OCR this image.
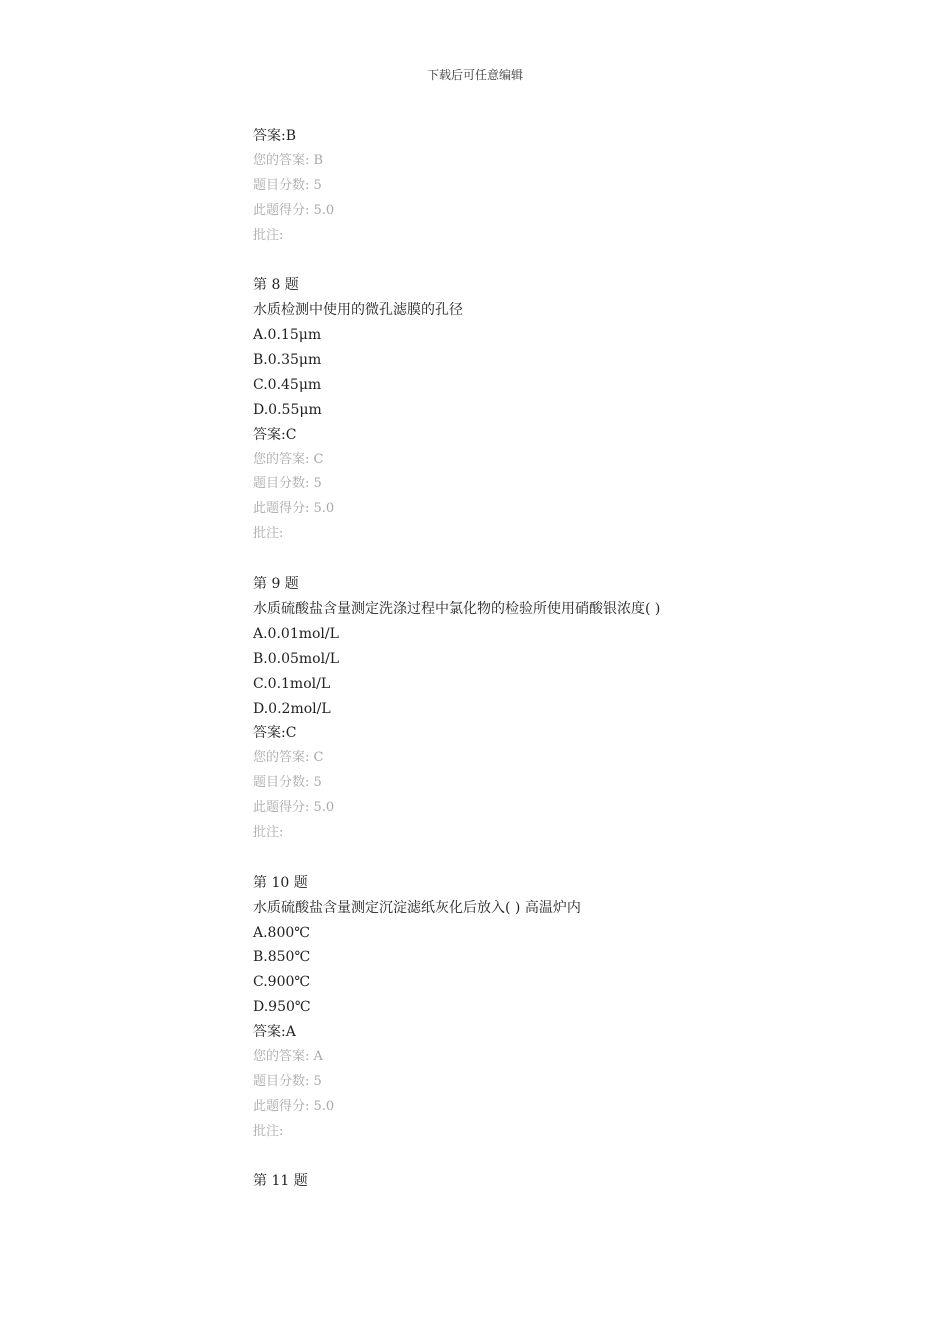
下载后可任意编辑
答案:B
您的答案: B
题目分数: 5
此题得分: 5.0
批注:
第 8 题
水质检测中使用的微孔滤膜的孔径
A.0.15μm
B.0.35μm
C.0.45μm
D.0.55μm
答案:C
您的答案: C
题目分数: 5
此题得分: 5.0
批注:
第 9 题
水质硫酸盐含量测定洗涤过程中氯化物的检验所使用硝酸银浓度( )
A.0.01mol/L
B.0.05mol/L
C.0.1mol/L
D.0.2mol/L
答案:C
您的答案: C
题目分数: 5
此题得分: 5.0
批注:
第 10 题
水质硫酸盐含量测定沉淀滤纸灰化后放入( ) 高温炉内
A.800℃
B.850℃
C.900℃
D.950℃
答案:A
您的答案: A
题目分数: 5
此题得分: 5.0
批注:
第 11 题
